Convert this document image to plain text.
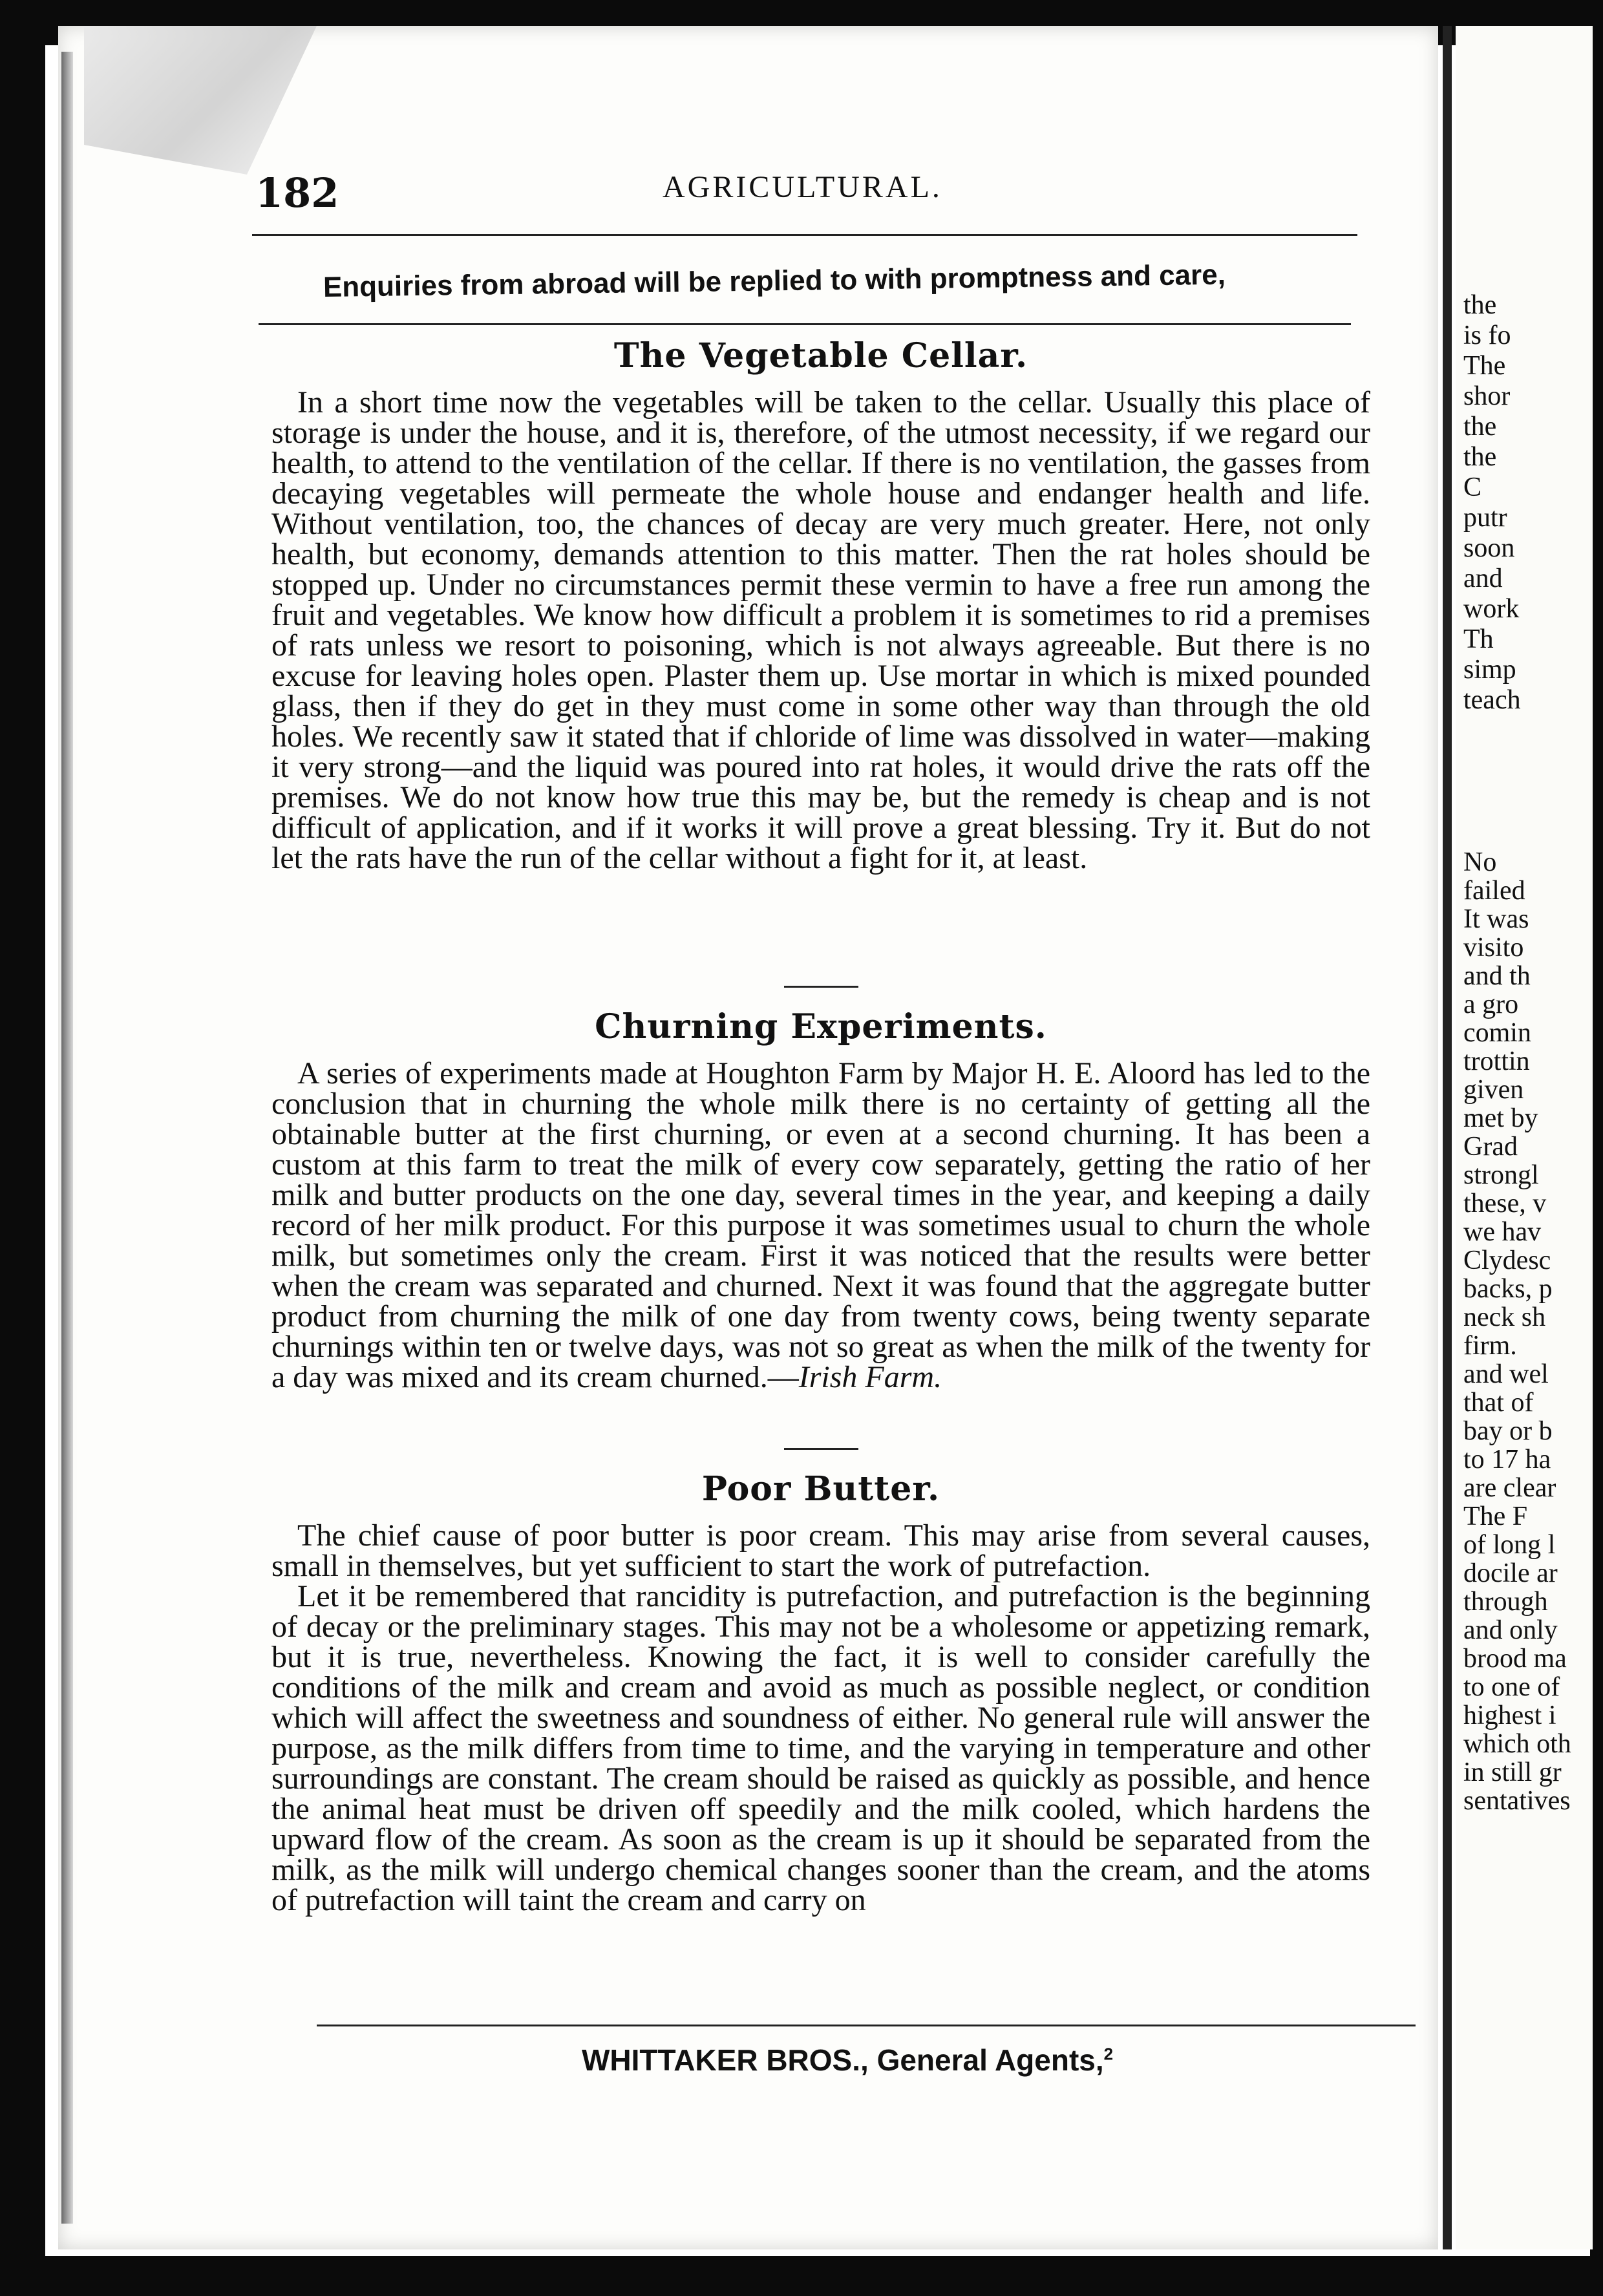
the
is fo
The
shor
the
the
C
putr
soon
and
work
Th
simp
teach
No
failed
It was
visito
and th
a gro
comin
trottin
given
met by
Grad
strongl
these, v
we hav
Clydesc
backs, p
neck sh
firm.
and wel
that of
bay or b
to 17 ha
are clear
The F
of long l
docile ar
through
and only
brood ma
to one of
highest i
which oth
in still gr
sentatives
182	AGRICULTURAL.
Enquiries from abroad will be replied to with promptness and care,
The Vegetable Cellar.

In a short time now the vegetables will be taken to the cellar. Usually this place of storage is under the house, and it is, therefore, of the utmost necessity, if we regard our health, to attend to the ventilation of the cellar. If there is no ventilation, the gasses from decaying vegetables will permeate the whole house and endanger health and life. Without ventilation, too, the chances of decay are very much greater. Here, not only health, but economy, demands attention to this matter. Then the rat holes should be stopped up. Under no circumstances permit these vermin to have a free run among the fruit and vegetables. We know how difficult a problem it is sometimes to rid a premises of rats unless we resort to poisoning, which is not always agreeable. But there is no excuse for leaving holes open. Plaster them up. Use mortar in which is mixed pounded glass, then if they do get in they must come in some other way than through the old holes. We recently saw it stated that if chloride of lime was dissolved in water—making it very strong—and the liquid was poured into rat holes, it would drive the rats off the premises. We do not know how true this may be, but the remedy is cheap and is not difficult of application, and if it works it will prove a great blessing. Try it. But do not let the rats have the run of the cellar without a fight for it, at least.

Churning Experiments.

A series of experiments made at Houghton Farm by Major H. E. Aloord has led to the conclusion that in churning the whole milk there is no certainty of getting all the obtainable butter at the first churning, or even at a second churning. It has been a custom at this farm to treat the milk of every cow separately, getting the ratio of her milk and butter products on the one day, several times in the year, and keeping a daily record of her milk product. For this purpose it was sometimes usual to churn the whole milk, but sometimes only the cream. First it was noticed that the results were better when the cream was separated and churned. Next it was found that the aggregate butter product from churning the milk of one day from twenty cows, being twenty separate churnings within ten or twelve days, was not so great as when the milk of the twenty for a day was mixed and its cream churned.—Irish Farm.

Poor Butter.

The chief cause of poor butter is poor cream. This may arise from several causes, small in themselves, but yet sufficient to start the work of putrefaction.

Let it be remembered that rancidity is putrefaction, and putrefaction is the beginning of decay or the preliminary stages. This may not be a wholesome or appetizing remark, but it is true, nevertheless. Knowing the fact, it is well to consider carefully the conditions of the milk and cream and avoid as much as possible neglect, or condition which will affect the sweetness and soundness of either. No general rule will answer the purpose, as the milk differs from time to time, and the varying in temperature and other surroundings are constant. The cream should be raised as quickly as possible, and hence the animal heat must be driven off speedily and the milk cooled, which hardens the upward flow of the cream. As soon as the cream is up it should be separated from the milk, as the milk will undergo chemical changes sooner than the cream, and the atoms of putrefaction will taint the cream and carry on

WHITTAKER BROS., General Agents,$^2$
